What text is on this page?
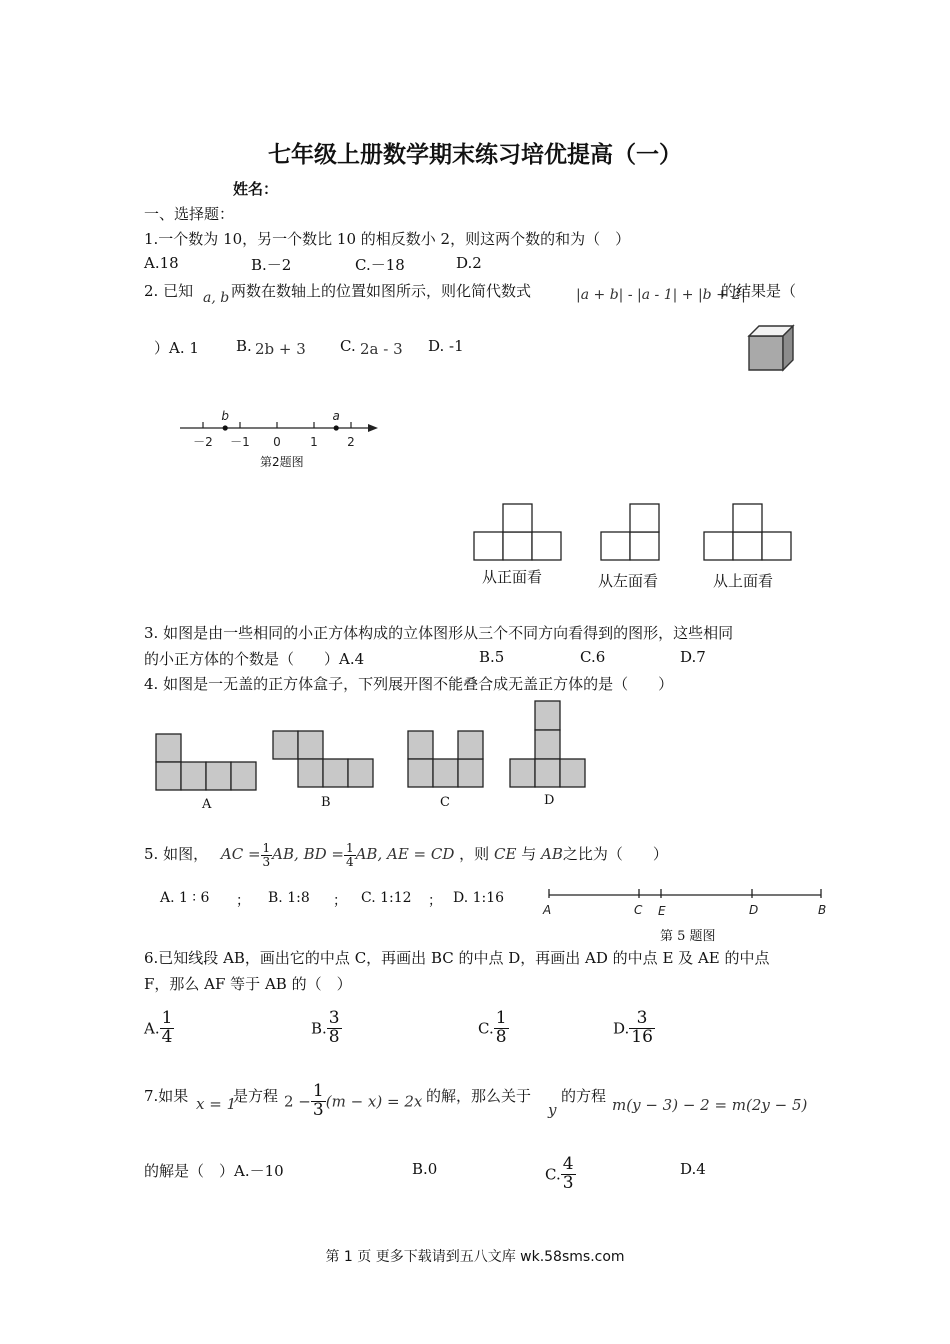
七年级上册数学期末练习培优提高（一）
姓名：
一、选择题：
1.一个数为 10，另一个数比 10 的相反数小 2，则这两个数的和为（　）
A.18	B.－2	C.－18	D.2
2. 已知 a, b 两数在数轴上的位置如图所示，则化简代数式	|a + b| - |a - 1| + |b + 2|
的结果是（
）A. 1 B. 2b + 3 C. 2a - 3 D. -1
－2 －1 0 1 2
b	a
第2题图
从正面看	从左面看	从上面看
3. 如图是由一些相同的小正方体构成的立体图形从三个不同方向看得到的图形，这些相同
的小正方体的个数是（　　）A.4	B.5	C.6	D.7
4. 如图是一无盖的正方体盒子，下列展开图不能叠合成无盖正方体的是（　　）
A	B	C	D
5. 如图， AC = $\frac{1}{3}$ AB, BD = $\frac{1}{4}$ AB, AE = CD ，则 CE 与 AB之比为（　　）
A. 1 ∶ 6 ； B. 1:8 ； C. 1:12 ； D. 1:16
A	C E	D	B
第 5 题图
6.已知线段 AB，画出它的中点 C，再画出 BC 的中点 D，再画出 AD 的中点 E 及 AE 的中点
F，那么 AF 等于 AB 的（　）
A. $\frac{1}{4}$	B. $\frac{3}{8}$	C. $\frac{1}{8}$	D. $\frac{3}{16}$
7.如果 x = 1
是方程 $2 - \frac{1}{3} (m - x) = 2x$ 的解，那么关于
y
的方程 m(y − 3) − 2 = m(2y − 5)
的解是（　）A.－10	B.0	C. $\frac{4}{3}$	D.4
第 1 页 更多下载请到五八文库 wk.58sms.com
